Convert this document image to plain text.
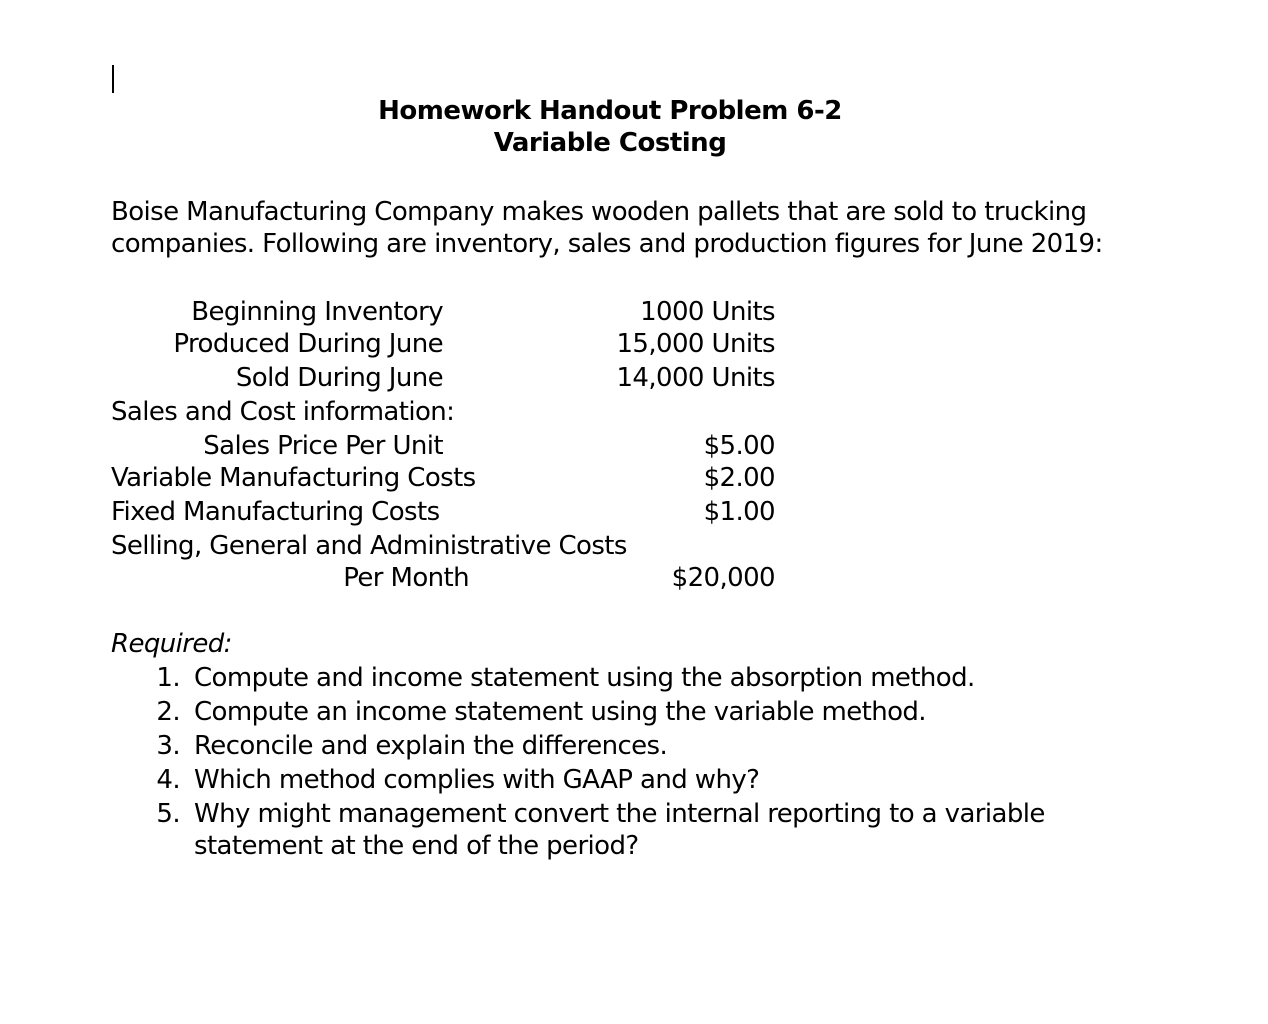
Homework Handout Problem 6-2
Variable Costing
Boise Manufacturing Company makes wooden pallets that are sold to trucking
companies. Following are inventory, sales and production figures for June 2019:
Beginning Inventory	1000 Units
Produced During June	15,000 Units
Sold During June	14,000 Units
Sales and Cost information:
Sales Price Per Unit	$5.00
Variable Manufacturing Costs	$2.00
Fixed Manufacturing Costs	$1.00
Selling, General and Administrative Costs
Per Month	$20,000
Required:
1. Compute and income statement using the absorption method.
2. Compute an income statement using the variable method.
3. Reconcile and explain the differences.
4. Which method complies with GAAP and why?
5. Why might management convert the internal reporting to a variable
statement at the end of the period?
